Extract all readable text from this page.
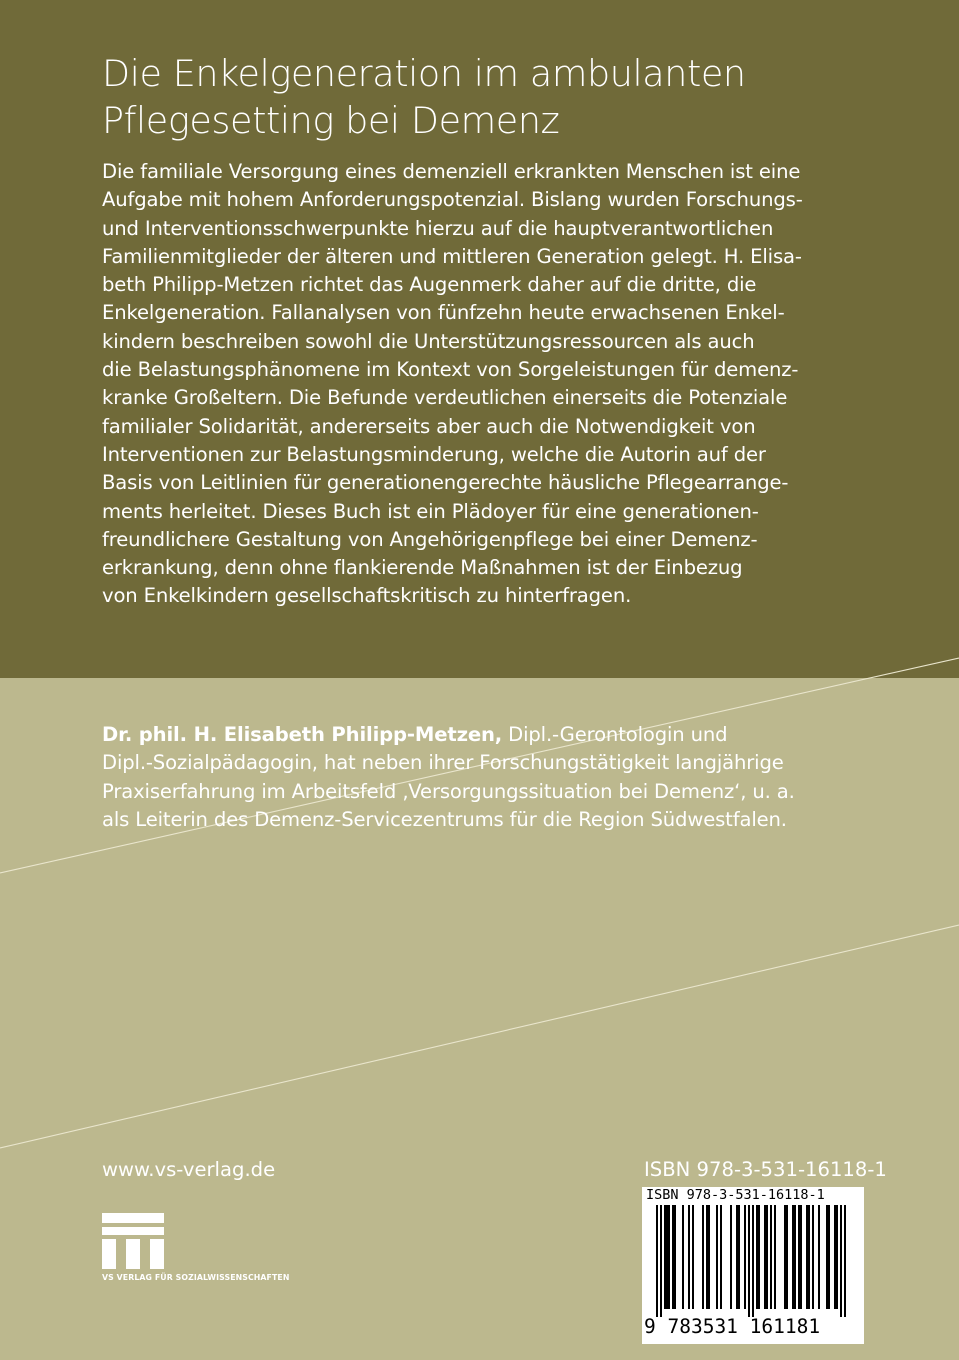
Die Enkelgeneration im ambulanten
Pflegesetting bei Demenz
Die familiale Versorgung eines demenziell erkrankten Menschen ist eine
Aufgabe mit hohem Anforderungspotenzial. Bislang wurden Forschungs-
und Interventionsschwerpunkte hierzu auf die hauptverantwortlichen
Familienmitglieder der älteren und mittleren Generation gelegt. H. Elisa-
beth Philipp-Metzen richtet das Augenmerk daher auf die dritte, die
Enkelgeneration. Fallanalysen von fünfzehn heute erwachsenen Enkel-
kindern beschreiben sowohl die Unterstützungsressourcen als auch
die Belastungsphänomene im Kontext von Sorgeleistungen für demenz-
kranke Großeltern. Die Befunde verdeutlichen einerseits die Potenziale
familialer Solidarität, andererseits aber auch die Notwendigkeit von
Interventionen zur Belastungsminderung, welche die Autorin auf der
Basis von Leitlinien für generationengerechte häusliche Pflegearrange-
ments herleitet. Dieses Buch ist ein Plädoyer für eine generationen-
freundlichere Gestaltung von Angehörigenpflege bei einer Demenz-
erkrankung, denn ohne flankierende Maßnahmen ist der Einbezug
von Enkelkindern gesellschaftskritisch zu hinterfragen.
Dr. phil. H. Elisabeth Philipp-Metzen, Dipl.-Gerontologin und
Dipl.-Sozialpädagogin, hat neben ihrer Forschungstätigkeit langjährige
Praxiserfahrung im Arbeitsfeld ‚Versorgungssituation bei Demenz‘, u. a.
als Leiterin des Demenz-Servicezentrums für die Region Südwestfalen.
www.vs-verlag.de
VS VERLAG FÜR SOZIALWISSENSCHAFTEN
ISBN 978-3-531-16118-1
ISBN 978-3-531-16118-1
9 783531 161181
